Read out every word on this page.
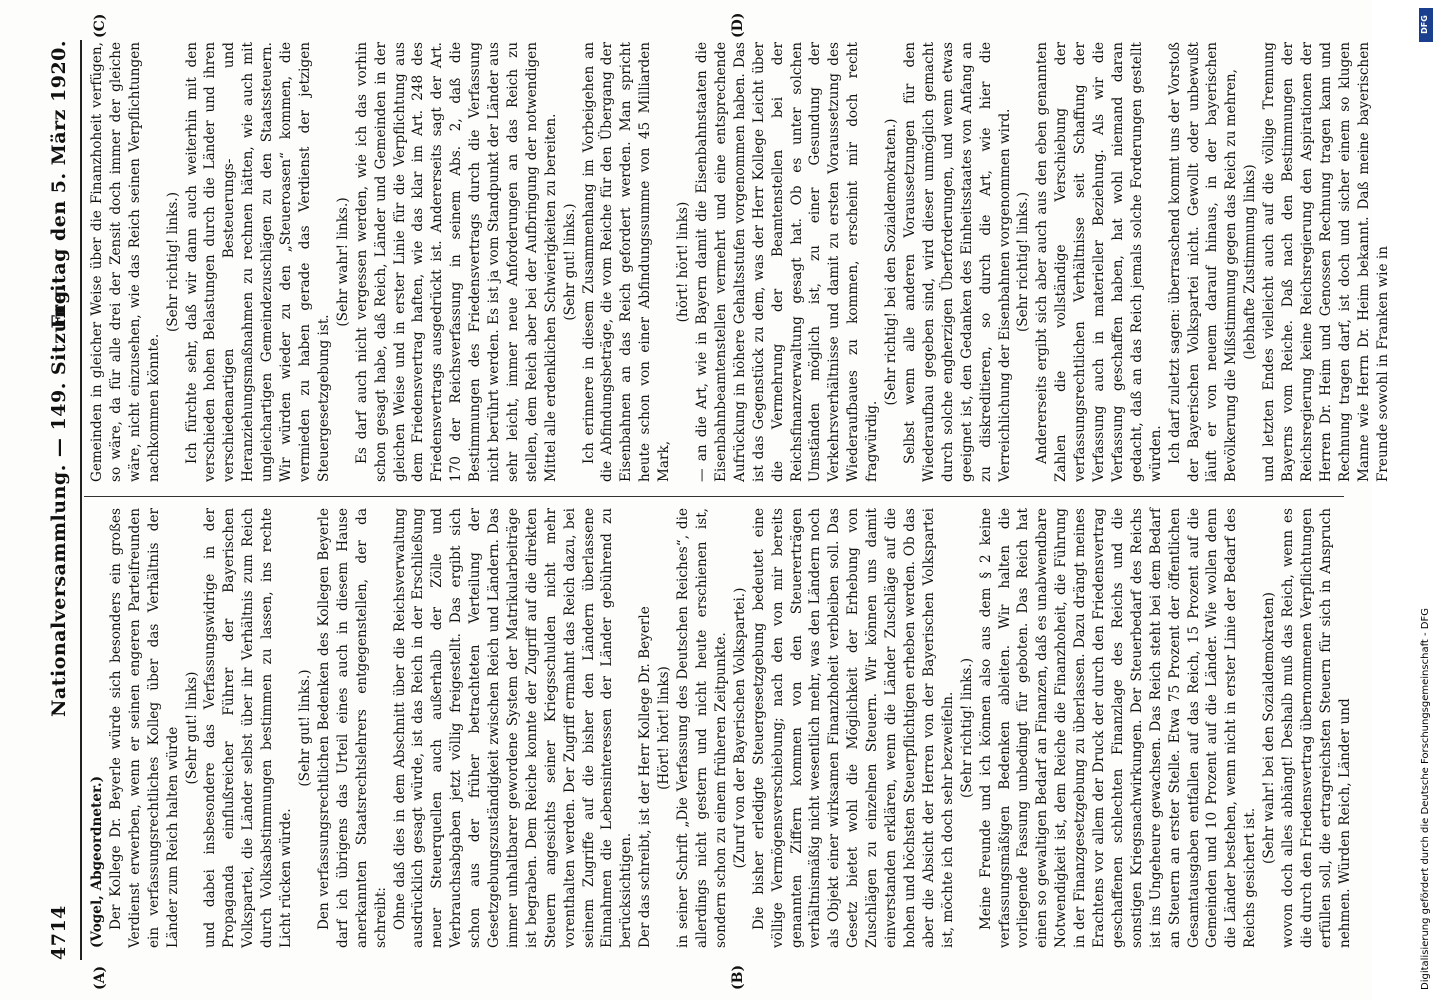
4714
Nationalversammlung. — 149. Sitzung.
Freitag den 5. März 1920.
(A)	(B)
(C)	(D)

(Vogel, Abgeordneter.) Der Kollege Dr. Beyerle würde sich besonders ein großes Verdienst erwerben, wenn er seinen engeren Parteifreunden ein verfassungsrechtliches Kolleg über das Verhältnis der Länder zum Reich halten würde (Sehr gut! links) und dabei insbesondere das Verfassungswidrige in der Propaganda einflußreicher Führer der Bayerischen Volkspartei, die Länder selbst über ihr Verhältnis zum Reich durch Volksabstimmungen bestimmen zu lassen, ins rechte Licht rücken würde.

(Sehr gut! links.) Den verfassungsrechtlichen Bedenken des Kollegen Beyerle darf ich übrigens das Urteil eines auch in diesem Hause anerkannten Staatsrechtslehrers entgegenstellen, der da schreibt: Ohne daß dies in dem Abschnitt über die Reichsverwaltung ausdrücklich gesagt würde, ist das Reich in der Erschließung neuer Steuerquellen auch außerhalb der Zölle und Verbrauchsabgaben jetzt völlig freigestellt. Das ergibt sich schon aus der früher betrachteten Verteilung der Gesetzgebungszuständigkeit zwischen Reich und Ländern. Das immer unhaltbarer gewordene System der Matrikularbeiträge ist begraben. Dem Reiche konnte der Zugriff auf die direkten Steuern angesichts seiner Kriegsschulden nicht mehr vorenthalten werden. Der Zugriff ermahnt das Reich dazu, bei seinem Zugriffe auf die bisher den Ländern überlassene Einnahmen die Lebensinteressen der Länder gebührend zu berücksichtigen. Der das schreibt, ist der Herr Kollege Dr. Beyerle (Hört! hört! links) in seiner Schrift „Die Verfassung des Deutschen Reiches“, die allerdings nicht gestern und nicht heute erschienen ist, sondern schon zu einem früheren Zeitpunkte. (Zuruf von der Bayerischen Volkspartei.) Die bisher erledigte Steuergesetzgebung bedeutet eine völlige Vermögensverschiebung; nach den von mir bereits genannten Ziffern kommen von den Steuererträgen verhältnismäßig nicht wesentlich mehr, was den Ländern noch als Objekt einer wirksamen Finanzhoheit verbleiben soll. Das Gesetz bietet wohl die Möglichkeit der Erhebung von Zuschlägen zu einzelnen Steuern. Wir können uns damit einverstanden erklären, wenn die Länder Zuschläge auf die hohen und höchsten Steuerpflichtigen erheben werden. Ob das aber die Absicht der Herren von der Bayerischen Volkspartei ist, möchte ich doch sehr bezweifeln. (Sehr richtig! links.) Meine Freunde und ich können also aus dem § 2 keine verfassungsmäßigen Bedenken ableiten. Wir halten die vorliegende Fassung unbedingt für geboten. Das Reich hat einen so gewaltigen Bedarf an Finanzen, daß es unabwendbare Notwendigkeit ist, dem Reiche die Finanzhoheit, die Führung in der Finanzgesetzgebung zu überlassen. Dazu drängt meines Erachtens vor allem der Druck der durch den Friedensvertrag geschaffenen schlechten Finanzlage des Reichs und die sonstigen Kriegsnachwirkungen. Der Steuerbedarf des Reichs ist ins Ungeheure gewachsen. Das Reich steht bei dem Bedarf an Steuern an erster Stelle. Etwa 75 Prozent der öffentlichen Gesamtausgaben entfallen auf das Reich, 15 Prozent auf die Gemeinden und 10 Prozent auf die Länder. Wie wollen denn die Länder bestehen, wenn nicht in erster Linie der Bedarf des Reichs gesichert ist.

(Sehr wahr! bei den Sozialdemokraten) wovon doch alles abhängt! Deshalb muß das Reich, wenn es die durch den Friedensvertrag übernommenen Verpflichtungen erfüllen soll, die ertragreichsten Steuern für sich in Anspruch nehmen. Würden Reich, Länder und

Gemeinden in gleicher Weise über die Finanzhoheit verfügen, so wäre, da für alle drei der Zensit doch immer der gleiche wäre, nicht einzusehen, wie das Reich seinen Verpflichtungen nachkommen könnte.

(Sehr richtig! links.) Ich fürchte sehr, daß wir dann auch weiterhin mit den verschieden hohen Belastungen durch die Länder und ihren verschiedenartigen Besteuerungs- und Heranziehungsmaßnahmen zu rechnen hätten, wie auch mit ungleichartigen Gemeindezuschlägen zu den Staatssteuern. Wir würden wieder zu den „Steueroasen“ kommen, die vermieden zu haben gerade das Verdienst der jetzigen Steuergesetzgebung ist.

(Sehr wahr! links.) Es darf auch nicht vergessen werden, wie ich das vorhin schon gesagt habe, daß Reich, Länder und Gemeinden in der gleichen Weise und in erster Linie für die Verpflichtung aus dem Friedensvertrag haften, wie das klar im Art. 248 des Friedensvertrags ausgedrückt ist. Andererseits sagt der Art. 170 der Reichsverfassung in seinem Abs. 2, daß die Bestimmungen des Friedensvertrags durch die Verfassung nicht berührt werden. Es ist ja vom Standpunkt der Länder aus sehr leicht, immer neue Anforderungen an das Reich zu stellen, dem Reich aber bei der Aufbringung der notwendigen Mittel alle erdenklichen Schwierigkeiten zu bereiten. (Sehr gut! links.) Ich erinnere in diesem Zusammenhang im Vorbeigehen an die Abfindungsbeträge, die vom Reiche für den Übergang der Eisenbahnen an das Reich gefordert werden. Man spricht heute schon von einer Abfindungssumme von 45 Milliarden Mark,

(hört! hört! links) — an die Art, wie in Bayern damit die Eisenbahnstaaten die Eisenbahnbeamtenstellen vermehrt und eine entsprechende Aufrückung in höhere Gehaltsstufen vorgenommen haben. Das ist das Gegenstück zu dem, was der Herr Kollege Leicht über die Vermehrung der Beamtenstellen bei der Reichsfinanzverwaltung gesagt hat. Ob es unter solchen Umständen möglich ist, zu einer Gesundung der Verkehrsverhältnisse und damit zu ersten Voraussetzung des Wiederaufbaues zu kommen, erscheint mir doch recht fragwürdig.

(Sehr richtig! bei den Sozialdemokraten.) Selbst wenn alle anderen Voraussetzungen für den Wiederaufbau gegeben sind, wird dieser unmöglich gemacht durch solche engherzigen Überforderungen, und wenn etwas geeignet ist, den Gedanken des Einheitsstaates von Anfang an zu diskreditieren, so durch die Art, wie hier die Verreichlichung der Eisenbahnen vorgenommen wird. (Sehr richtig! links.) Andererseits ergibt sich aber auch aus den eben genannten Zahlen die vollständige Verschiebung der verfassungsrechtlichen Verhältnisse seit Schaffung der Verfassung auch in materieller Beziehung. Als wir die Verfassung geschaffen haben, hat wohl niemand daran gedacht, daß an das Reich jemals solche Forderungen gestellt würden. Ich darf zuletzt sagen: überraschend kommt uns der Vorstoß der Bayerischen Volkspartei nicht. Gewollt oder unbewußt läuft er von neuem darauf hinaus, in der bayerischen Bevölkerung die Mißstimmung gegen das Reich zu mehren, (lebhafte Zustimmung links) und letzten Endes vielleicht auch auf die völlige Trennung Bayerns vom Reiche. Daß nach den Bestimmungen der Reichsregierung keine Reichsregierung den Aspirationen der Herren Dr. Heim und Genossen Rechnung tragen kann und Rechnung tragen darf, ist doch und sicher einem so klugen Manne wie Herrn Dr. Heim bekannt. Daß meine bayerischen Freunde sowohl in Franken wie in

DFG
Digitalisierung gefördert durch die Deutsche Forschungsgemeinschaft - DFG
